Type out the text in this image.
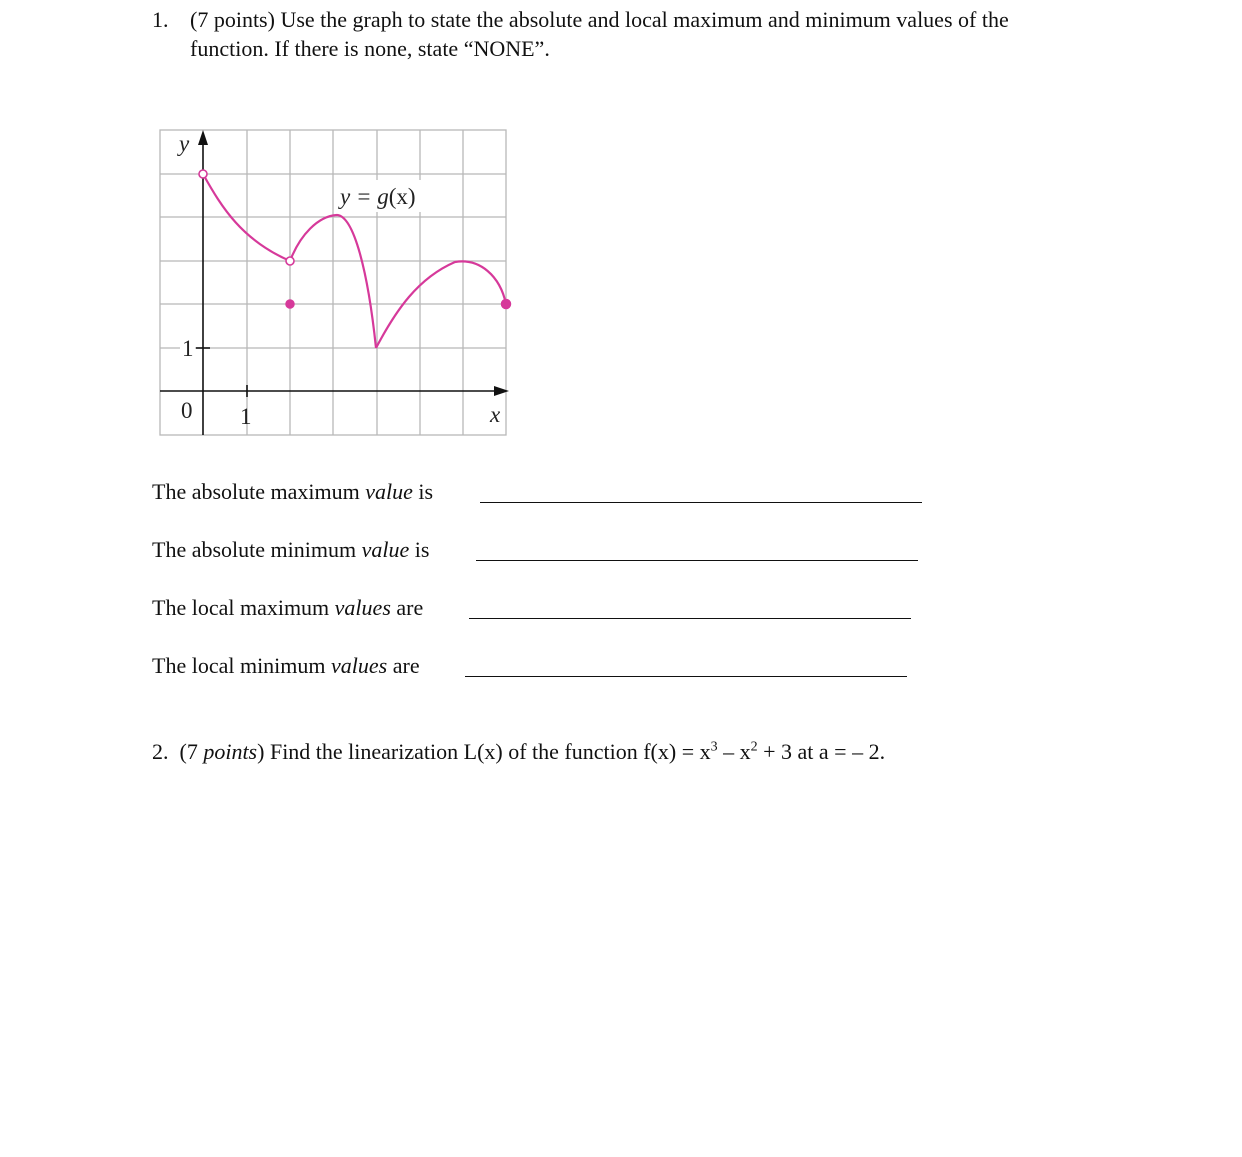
1. (7 points) Use the graph to state the absolute and local maximum and minimum values of the
function. If there is none, state “NONE”.
y
x
0 1
1
y = g(x)
The absolute maximum value is
The absolute minimum value is
The local maximum values are
The local minimum values are
2. (7 points) Find the linearization L(x) of the function $f(x) = x^3 - x^2 + 3$ at a = – 2.
